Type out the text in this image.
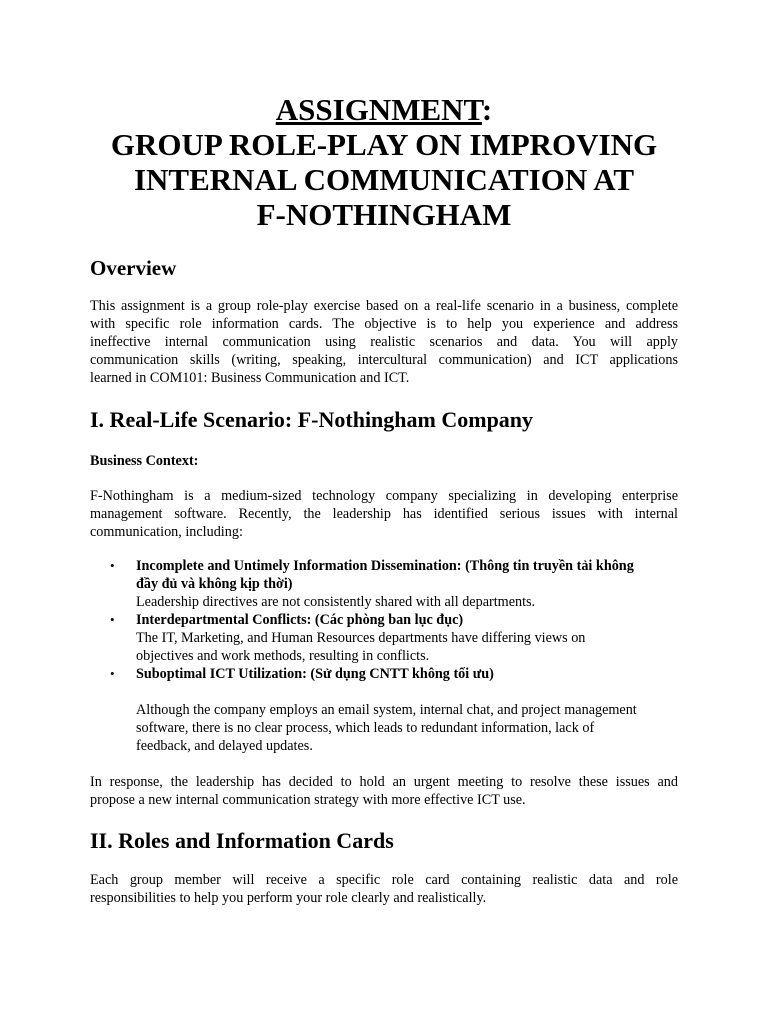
ASSIGNMENT:
GROUP ROLE-PLAY ON IMPROVING
INTERNAL COMMUNICATION AT
F-NOTHINGHAM
Overview
This assignment is a group role-play exercise based on a real-life scenario in a business, complete
with specific role information cards. The objective is to help you experience and address
ineffective internal communication using realistic scenarios and data. You will apply
communication skills (writing, speaking, intercultural communication) and ICT applications
learned in COM101: Business Communication and ICT.
I. Real-Life Scenario: F-Nothingham Company
Business Context:
F-Nothingham is a medium-sized technology company specializing in developing enterprise
management software. Recently, the leadership has identified serious issues with internal
communication, including:
• Incomplete and Untimely Information Dissemination: (Thông tin truyền tải không
đầy đủ và không kịp thời)
Leadership directives are not consistently shared with all departments.
• Interdepartmental Conflicts: (Các phòng ban lục đục)
The IT, Marketing, and Human Resources departments have differing views on
objectives and work methods, resulting in conflicts.
• Suboptimal ICT Utilization: (Sử dụng CNTT không tối ưu)
Although the company employs an email system, internal chat, and project management
software, there is no clear process, which leads to redundant information, lack of
feedback, and delayed updates.
In response, the leadership has decided to hold an urgent meeting to resolve these issues and
propose a new internal communication strategy with more effective ICT use.
II. Roles and Information Cards
Each group member will receive a specific role card containing realistic data and role
responsibilities to help you perform your role clearly and realistically.
